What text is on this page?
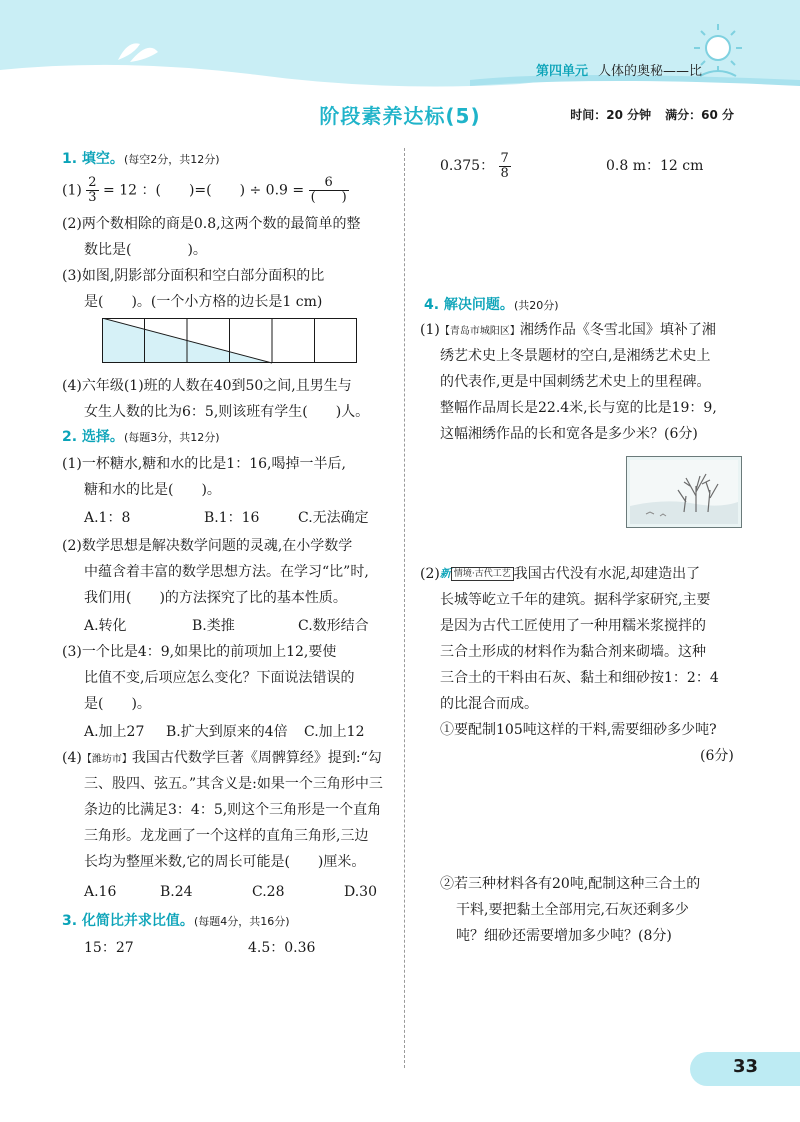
第四单元 人体的奥秘——比
阶段素养达标(5)	时间：20 分钟 满分：60 分
1. 填空。(每空2分，共12分)
$(1) \frac{2}{3} = 12$ ：(　　)=(　　) ÷ $0.9 = \frac{6}{( )}$
(2)两个数相除的商是0.8,这两个数的最简单的整
数比是(　　　　)。
(3)如图,阴影部分面积和空白部分面积的比
是(　　)。(一个小方格的边长是1 cm)
(4)六年级(1)班的人数在40到50之间,且男生与
女生人数的比为6：5,则该班有学生(　　)人。
2. 选择。(每题3分，共12分)
(1)一杯糖水,糖和水的比是1：16,喝掉一半后,
糖和水的比是(　　)。
A.1：8	B.1：16	C.无法确定
(2)数学思想是解决数学问题的灵魂,在小学数学
中蕴含着丰富的数学思想方法。在学习“比”时,
我们用(　　)的方法探究了比的基本性质。
A.转化	B.类推	C.数形结合
(3)一个比是4：9,如果比的前项加上12,要使
比值不变,后项应怎么变化？下面说法错误的
是(　　)。
A.加上27 B.扩大到原来的4倍 C.加上12
(4)【潍坊市】我国古代数学巨著《周髀算经》提到:“勾
三、股四、弦五。”其含义是:如果一个三角形中三
条边的比满足3：4：5,则这个三角形是一个直角
三角形。龙龙画了一个这样的直角三角形,三边
长均为整厘米数,它的周长可能是(　　)厘米。
A.16	B.24	C.28	D.30
3. 化简比并求比值。(每题4分，共16分)
15：27	4.5：0.36
0.375： $\frac{7}{8}$	0.8 m：12 cm
4. 解决问题。(共20分)
(1)【青岛市城阳区】湘绣作品《冬雪北国》填补了湘
绣艺术史上冬景题材的空白,是湘绣艺术史上
的代表作,更是中国刺绣艺术史上的里程碑。
整幅作品周长是22.4米,长与宽的比是19：9,
这幅湘绣作品的长和宽各是多少米？(6分)
(2)新 情境·古代工艺 我国古代没有水泥,却建造出了
长城等屹立千年的建筑。据科学家研究,主要
是因为古代工匠使用了一种用糯米浆搅拌的
三合土形成的材料作为黏合剂来砌墙。这种
三合土的干料由石灰、黏土和细砂按1：2：4
的比混合而成。
①要配制105吨这样的干料,需要细砂多少吨?
(6分)
②若三种材料各有20吨,配制这种三合土的
干料,要把黏土全部用完,石灰还剩多少
吨？细砂还需要增加多少吨？(8分)
33
